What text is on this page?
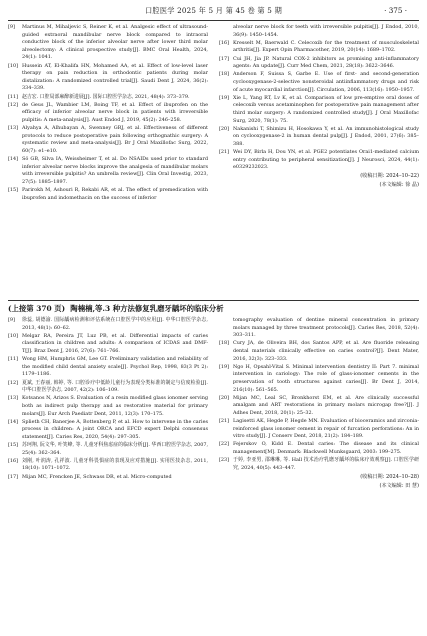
口腔医学 2025 年 5 月 第 45 卷 第 5 期	· 375 ·
[9] Martinus M, Mihaljevic S, Reiner K, et al. Analgesic effect of ultrasound-guided extraoral mandibular nerve block compared to intraoral conductive block of the inferior alveolar nerve after lower third molar alveolectomy: A clinical prospective study[J]. BMC Oral Health, 2024, 24(1): 1041.
[10] Hussein AT, El-Khalifa HN, Mohamed AA, et al. Effect of low-level laser therapy on pain reduction in orthodontic patients during molar distalization: A randomized controlled trial[J]. Saudi Dent J, 2024, 36(2): 334–339.
[11] 赵吉宏. 口腔局部麻醉新进展[J]. 国际口腔医学杂志, 2021, 48(4): 373–379.
[12] de Geus JL, Wambier LM, Boing TF, et al. Effect of ibuprofen on the efficacy of inferior alveolar nerve block in patients with irreversible pulpitis: A meta-analysis[J]. Aust Endod J, 2019, 45(2): 246–258.
[13] Alyahya A, Alhubayan A, Swenney GRJ, et al. Effectiveness of different protocols to reduce postoperative pain following orthognathic surgery: A systematic review and meta-analysis[J]. Br J Oral Maxillofac Surg, 2022, 60(7): e1–e10.
[14] Sö GB, Silva IA, Weissheimer T, et al. Do NSAIDs used prior to standard inferior alveolar nerve blocks improve the analgesia of mandibular molars with irreversible pulpitis? An umbrella review[J]. Clin Oral Investig, 2023, 27(5): 1885–1897.
[15] Parirokh M, Ashouri R, Rekabi AR, et al. The effect of premedication with ibuprofen and indomethacin on the success of inferior
alveolar nerve block for teeth with irreversible pulpitis[J]. J Endod, 2010, 36(9): 1450–1454.
[16] Kresselt M, Baerwald C. Celecoxib for the treatment of musculoskeletal arthritis[J]. Expert Opin Pharmacother, 2019, 20(14): 1689–1702.
[17] Cui JH, Jia JP. Natural COX-2 inhibitors as promising anti-inflammatory agents: An update[J]. Curr Med Chem, 2021, 28(18): 3622–3646.
[18] Anderson F, Suissa S, Garbe E. Use of first- and second-generation cyclooxygenase-2-selective nonsteroidal antiinflammatory drugs and risk of acute myocardial infarction[J]. Circulation, 2006, 113(16): 1950–1957.
[19] Xie L, Yang RT, Lv K, et al. Comparison of low pre-emptive oral doses of celecoxib versus acetaminophen for postoperative pain management after third molar surgery: A randomized controlled study[J]. J Oral Maxillofac Surg, 2020, 78(1): 75.
[20] Nakanishi T, Shimizu H, Hosokawa Y, et al. An immunohistological study on cyclooxygenase-2 in human dental pulp[J]. J Endod, 2001, 27(6): 385–388.
[21] Wei DY, Birla H, Dou YN, et al. PGE2 potentiates Orai1-mediated calcium entry contributing to peripheral sensitization[J]. J Neurosci, 2024, 44(1): e0329232023.
(收稿日期: 2024–10–22)
(本文编辑: 徐 晶)
(上接第 370 页) 陶楠楠,等.3 种方法修复乳磨牙龋坏的临床分析
[9] 徐蕊, 胡德渝. 国际龋病检测和评估系统在口腔医学中的应用[J]. 中华口腔医学杂志, 2013, 48(1): 60–62.
[10] Melgar RA, Pereira JT, Luz PB, et al. Differential impacts of caries classification in children and adults: A comparison of ICDAS and DMF-T[J]. Braz Dent J, 2016, 27(6): 761–766.
[11] Wong HM, Humphris GM, Lee GT. Preliminary validation and reliability of the modified child dental anxiety scale[J]. Psychol Rep, 1998, 83(3 Pt 2): 1179–1186.
[12] 夏斌, 王春丽, 韩婷, 等. 口腔诊疗中低龄儿童行为表现分类标准的制定与信度检验[J]. 中华口腔医学杂志, 2007, 42(2): 106–109.
[13] Kotsanos N, Arizos S. Evaluation of a resin modified glass ionomer serving both as indirect pulp therapy and as restorative material for primary molars[J]. Eur Arch Paediatr Dent, 2011, 12(3): 170–175.
[14] Splieth CH, Banerjee A, Bottenberg P, et al. How to intervene in the caries process in children: A joint ORCA and EFCD expert Delphi consensus statement[J]. Caries Res, 2020, 54(4): 297–305.
[15] 苏珂翔, 阮文华, 叶笑峰, 等. 儿童牙科焦虑症的临床分析[J]. 华西口腔医学杂志, 2007, 25(4): 362–364.
[16] 刘刚, 叶润涛, 孔祥波. 儿童牙科畏惧症的表现及应对措施[J]. 实用医技杂志, 2011, 18(10): 1071–1072.
[17] Mijan MC, Frencken JE, Schwass DR, et al. Micro-computed
tomography evaluation of dentine mineral concentration in primary molars managed by three treatment protocols[J]. Caries Res, 2018, 52(4): 303–311.
[18] Cury JA, de Oliveira BH, dos Santos APP, et al. Are fluoride releasing dental materials clinically effective on caries control?[J]. Dent Mater, 2016, 32(3): 323–333.
[19] Ngo H, Opsahl-Vital S. Minimal intervention dentistry II: Part 7. minimal intervention in cariology: The role of glass-ionomer cements in the preservation of tooth structures against caries[J]. Br Dent J, 2014, 216(10): 561–565.
[20] Mijan MC, Leal SC, Bronkhorst EM, et al. Are clinically successful amalgam and ART restorations in primary molars microgap free?[J]. J Adhes Dent, 2018, 20(1): 25–32.
[21] Lagisetti AK, Hegde P, Hegde MN. Evaluation of bioceramics and zirconia-reinforced glass ionomer cement in repair of furcation perforations: An in vitro study[J]. J Conserv Dent, 2018, 21(2): 184–189.
[22] Fejerskov O, Kidd E. Dental caries: The disease and its clinical management[M]. Denmark: Blackwell Munksgaard, 2003: 199–275.
[23] 于婷, 李亚男, 邵琳琳, 等. Hall 技术治疗乳磨牙龋坏的临床疗效观察[J]. 口腔医学研究, 2024, 40(5): 443–447.
(收稿日期: 2024–10–28)
(本文编辑: 田 慧)
